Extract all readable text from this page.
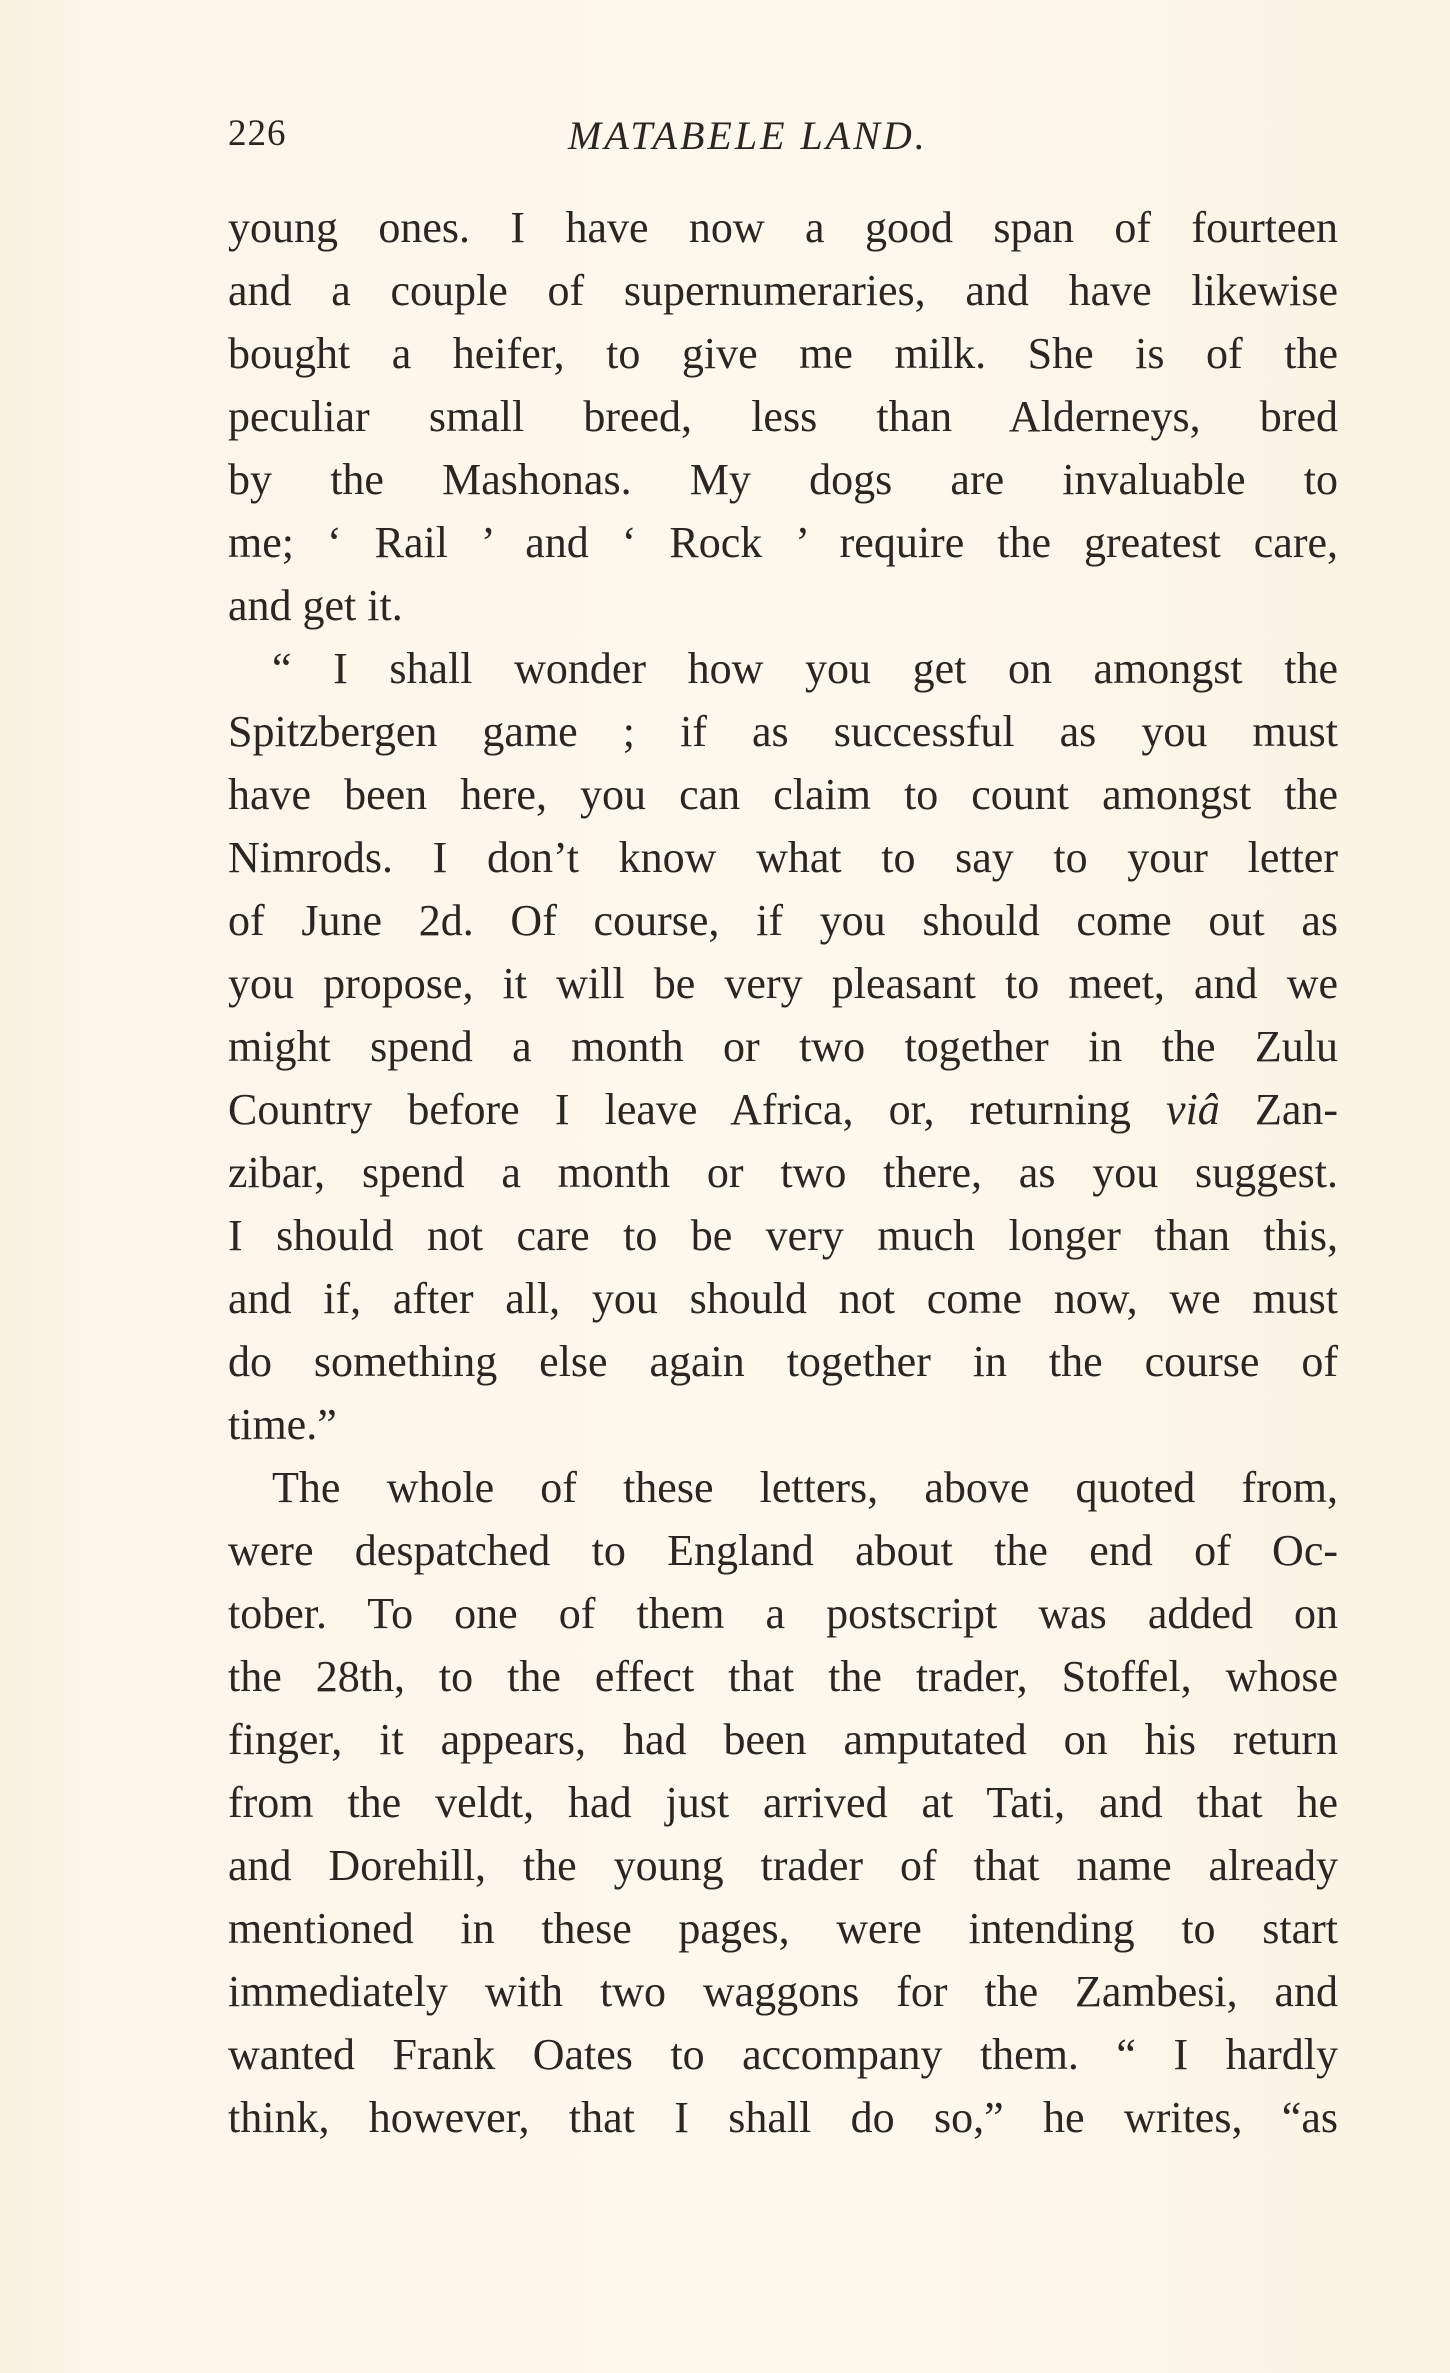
226	MATABELE LAND.
young ones. I have now a good span of fourteen
and a couple of supernumeraries, and have likewise
bought a heifer, to give me milk. She is of the
peculiar small breed, less than Alderneys, bred
by the Mashonas. My dogs are invaluable to
me; ‘ Rail ’ and ‘ Rock ’ require the greatest care,
and get it.
“ I shall wonder how you get on amongst the
Spitzbergen game ; if as successful as you must
have been here, you can claim to count amongst the
Nimrods. I don’t know what to say to your letter
of June 2d. Of course, if you should come out as
you propose, it will be very pleasant to meet, and we
might spend a month or two together in the Zulu
Country before I leave Africa, or, returning viâ Zan-
zibar, spend a month or two there, as you suggest.
I should not care to be very much longer than this,
and if, after all, you should not come now, we must
do something else again together in the course of
time.”
The whole of these letters, above quoted from,
were despatched to England about the end of Oc-
tober. To one of them a postscript was added on
the 28th, to the effect that the trader, Stoffel, whose
finger, it appears, had been amputated on his return
from the veldt, had just arrived at Tati, and that he
and Dorehill, the young trader of that name already
mentioned in these pages, were intending to start
immediately with two waggons for the Zambesi, and
wanted Frank Oates to accompany them. “ I hardly
think, however, that I shall do so,” he writes, “as
